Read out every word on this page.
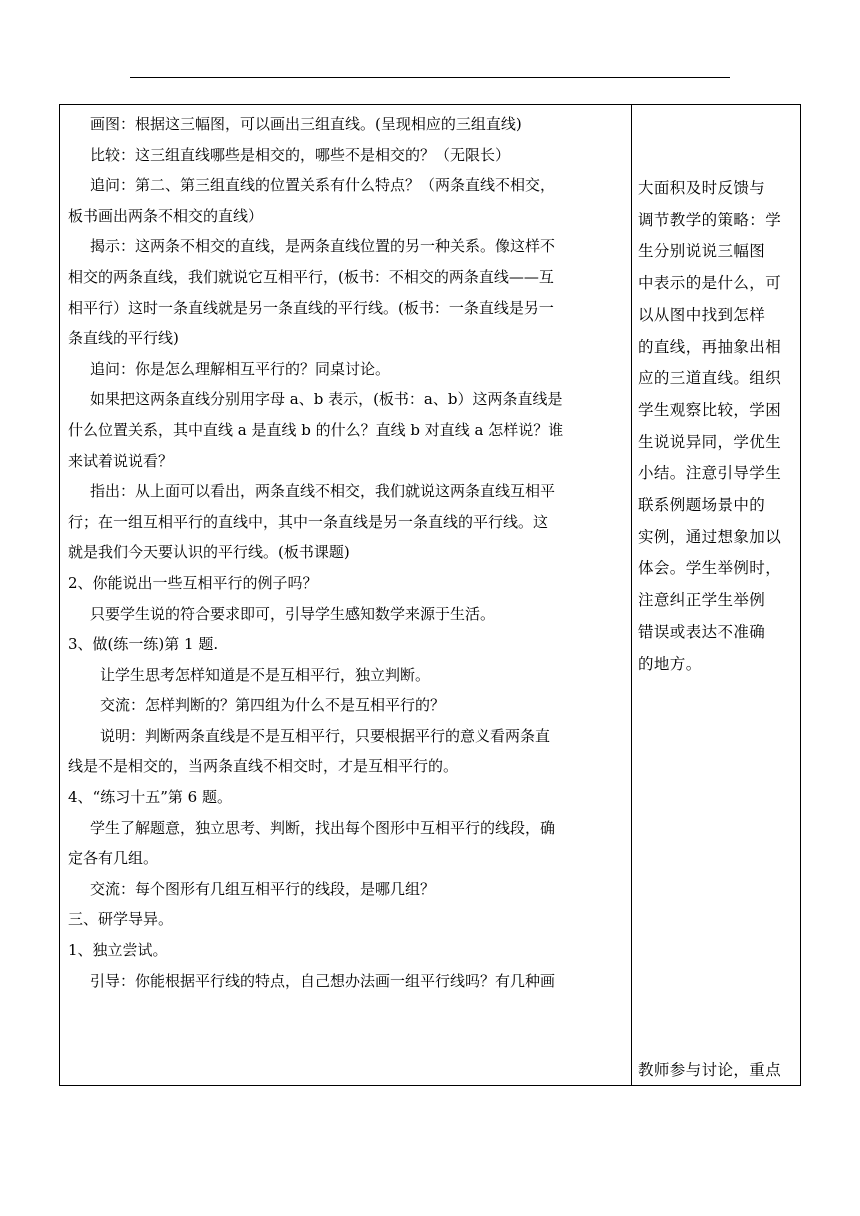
画图：根据这三幅图，可以画出三组直线。(呈现相应的三组直线)

比较：这三组直线哪些是相交的，哪些不是相交的？（无限长）

追问：第二、第三组直线的位置关系有什么特点？（两条直线不相交，

板书画出两条不相交的直线）

揭示：这两条不相交的直线，是两条直线位置的另一种关系。像这样不

相交的两条直线，我们就说它互相平行，(板书：不相交的两条直线——互

相平行）这时一条直线就是另一条直线的平行线。(板书：一条直线是另一

条直线的平行线)

追问：你是怎么理解相互平行的？同桌讨论。

如果把这两条直线分别用字母 a、b 表示，(板书：a、b）这两条直线是

什么位置关系，其中直线 a 是直线 b 的什么？直线 b 对直线 a 怎样说？谁

来试着说说看？

指出：从上面可以看出，两条直线不相交，我们就说这两条直线互相平

行；在一组互相平行的直线中，其中一条直线是另一条直线的平行线。这

就是我们今天要认识的平行线。(板书课题)

2、你能说出一些互相平行的例子吗？

只要学生说的符合要求即可，引导学生感知数学来源于生活。

3、做(练一练)第 1 题.

让学生思考怎样知道是不是互相平行，独立判断。

交流：怎样判断的？第四组为什么不是互相平行的？

说明：判断两条直线是不是互相平行，只要根据平行的意义看两条直

线是不是相交的，当两条直线不相交时，才是互相平行的。

4、“练习十五”第 6 题。

学生了解题意，独立思考、判断，找出每个图形中互相平行的线段，确

定各有几组。

交流：每个图形有几组互相平行的线段，是哪几组？

三、研学导异。

1、独立尝试。

引导：你能根据平行线的特点，自己想办法画一组平行线吗？有几种画

大面积及时反馈与

调节教学的策略：学

生分别说说三幅图

中表示的是什么，可

以从图中找到怎样

的直线，再抽象出相

应的三道直线。组织

学生观察比较，学困

生说说异同，学优生

小结。注意引导学生

联系例题场景中的

实例，通过想象加以

体会。学生举例时，

注意纠正学生举例

错误或表达不准确

的地方。

教师参与讨论，重点
